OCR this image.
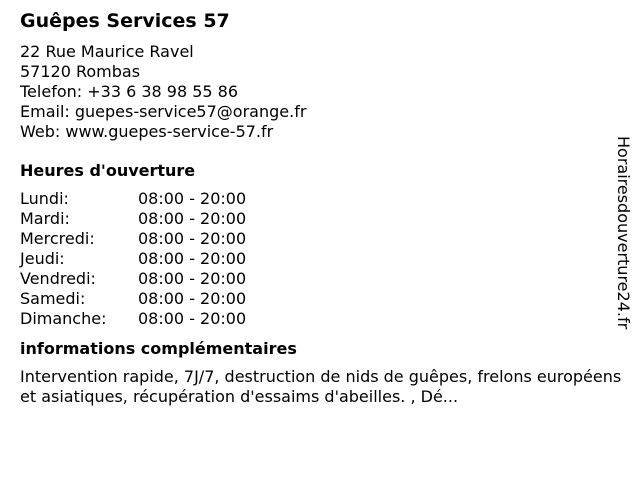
Guêpes Services 57
22 Rue Maurice Ravel
57120 Rombas
Telefon: +33 6 38 98 55 86
Email: guepes-service57@orange.fr
Web: www.guepes-service-57.fr
Heures d'ouverture
Lundi:	08:00 - 20:00
Mardi:	08:00 - 20:00
Mercredi:	08:00 - 20:00
Jeudi:	08:00 - 20:00
Vendredi:	08:00 - 20:00
Samedi:	08:00 - 20:00
Dimanche:	08:00 - 20:00
informations complémentaires
Intervention rapide, 7J/7, destruction de nids de guêpes, frelons européens et asiatiques, récupération d'essaims d'abeilles. , Dé...
Horairesdouverture24.fr
